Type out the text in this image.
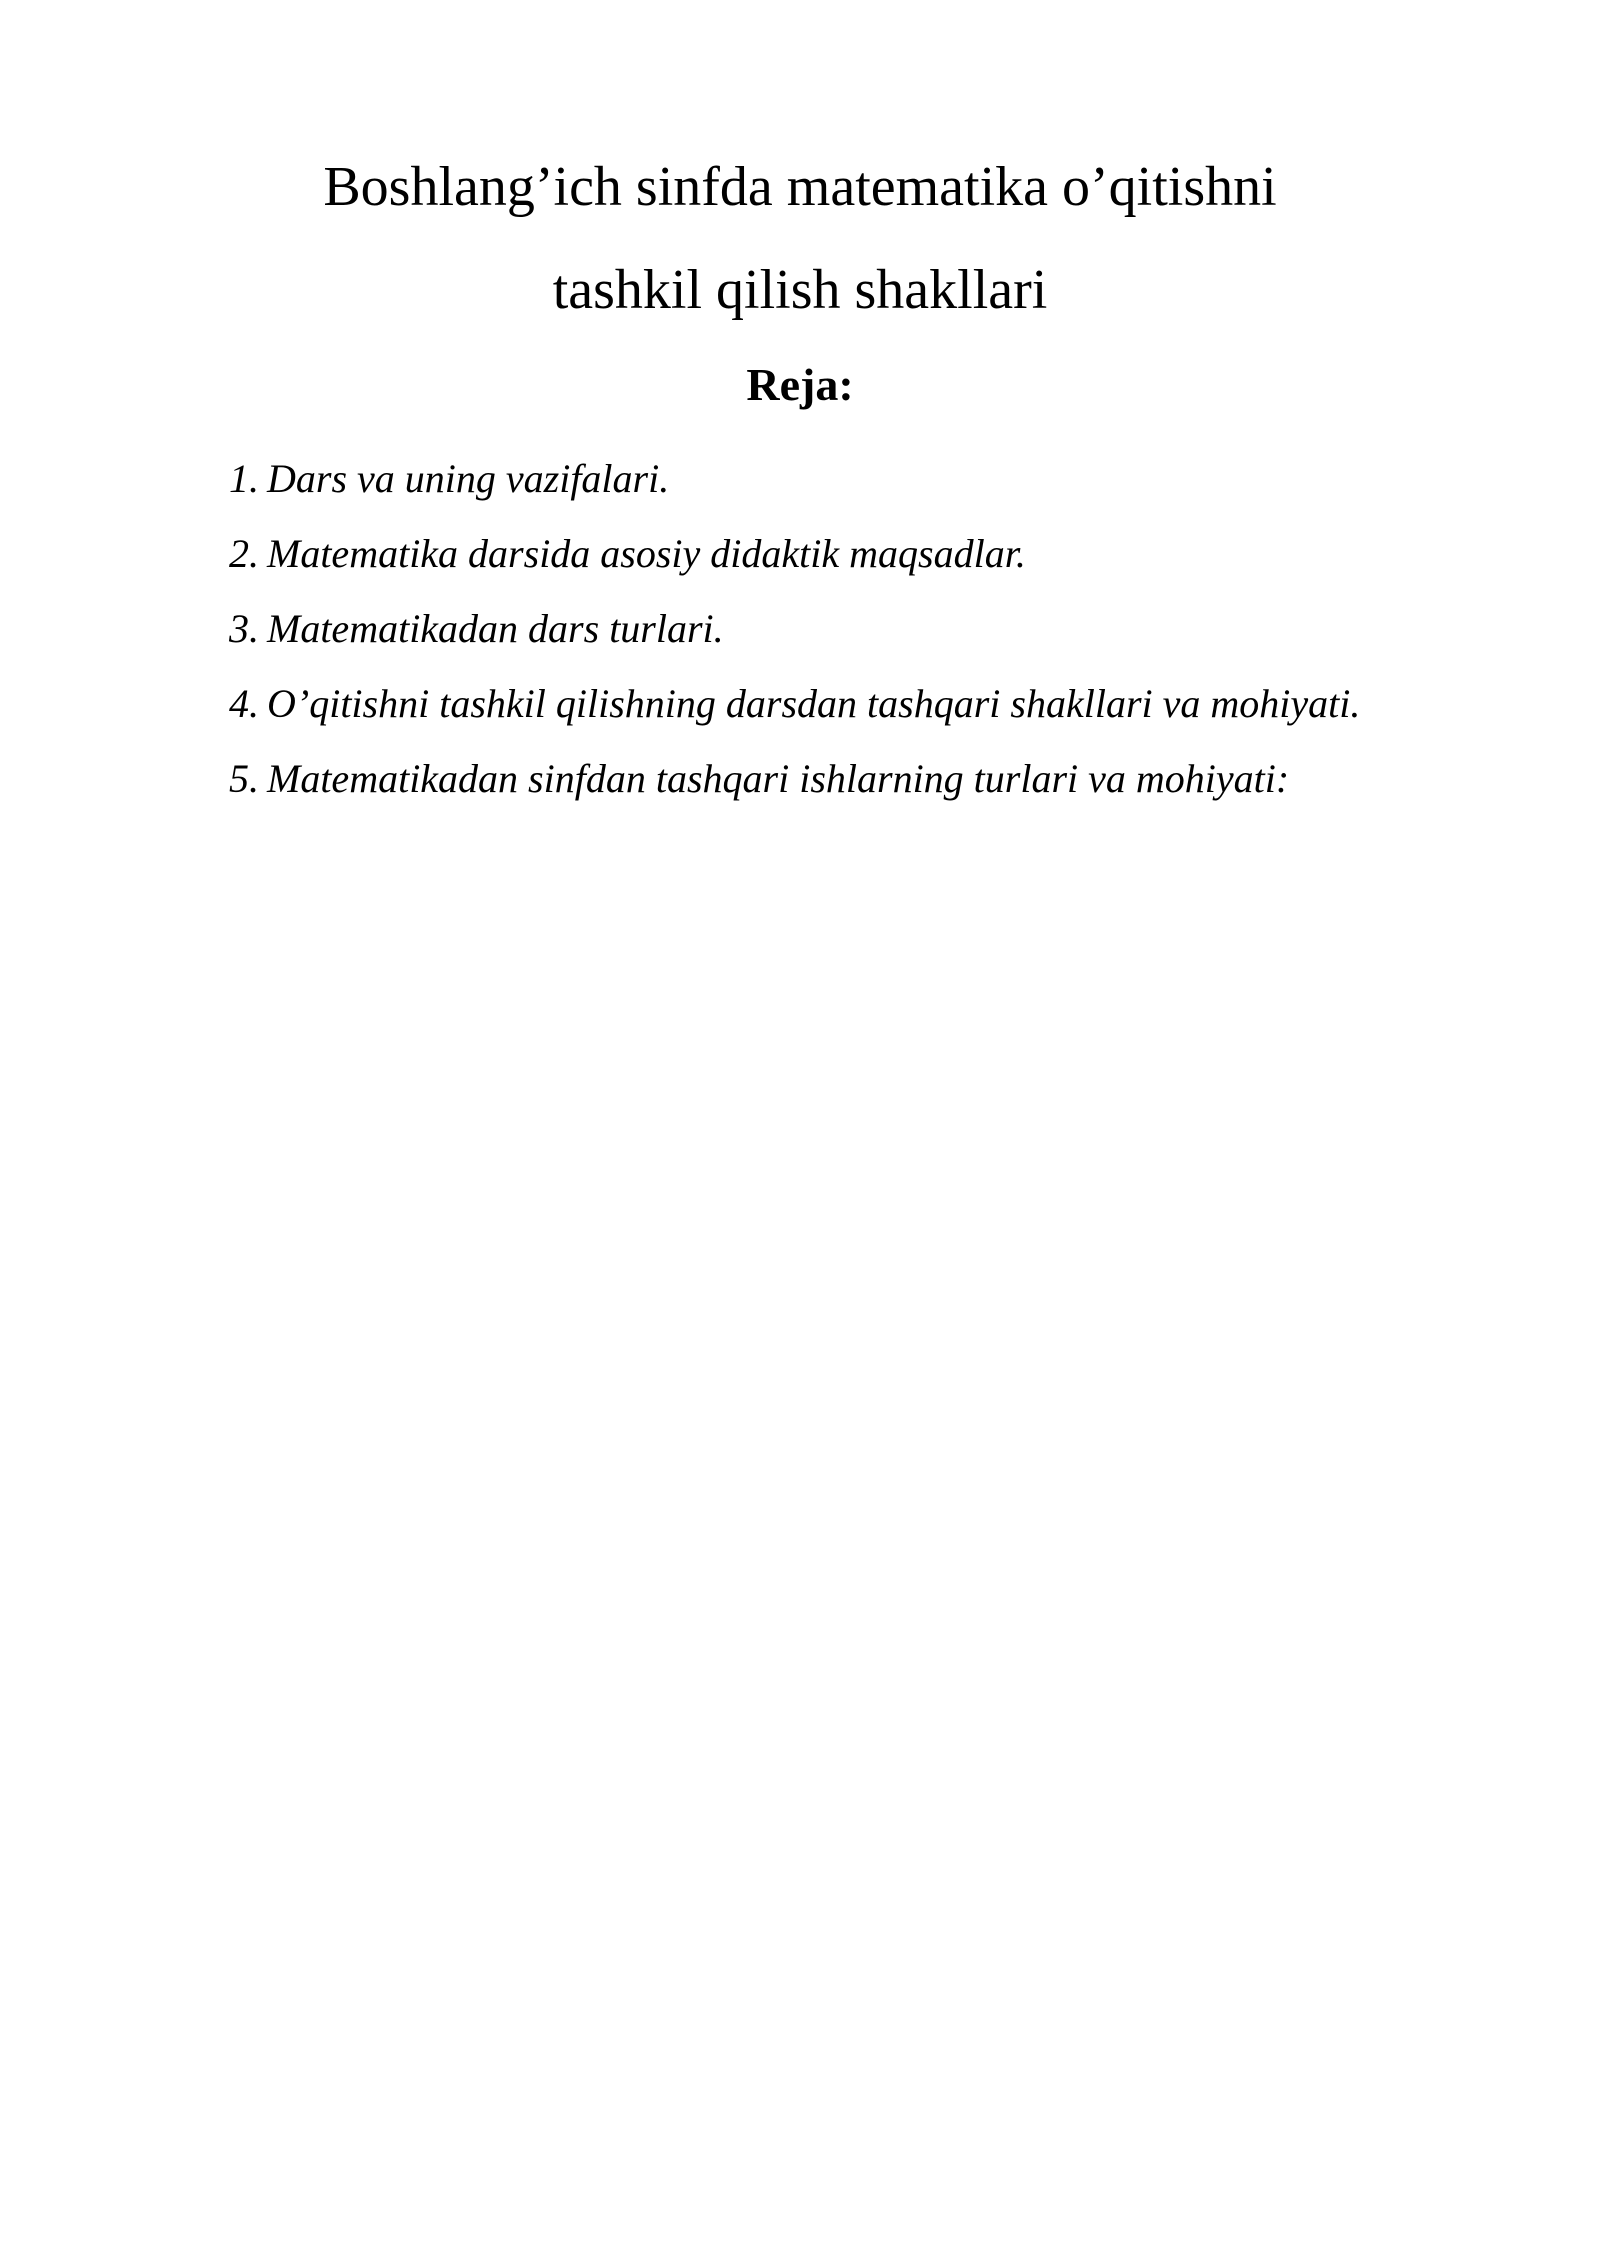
Boshlang’ich sinfda matematika o’qitishni
tashkil qilish shakllari
Reja:
1. Dars va uning vazifalari.
2. Matematika darsida asosiy didaktik maqsadlar.
3. Matematikadan dars turlari.
4. O’qitishni tashkil qilishning darsdan tashqari shakllari va mohiyati.
5. Matematikadan sinfdan tashqari ishlarning turlari va mohiyati:
